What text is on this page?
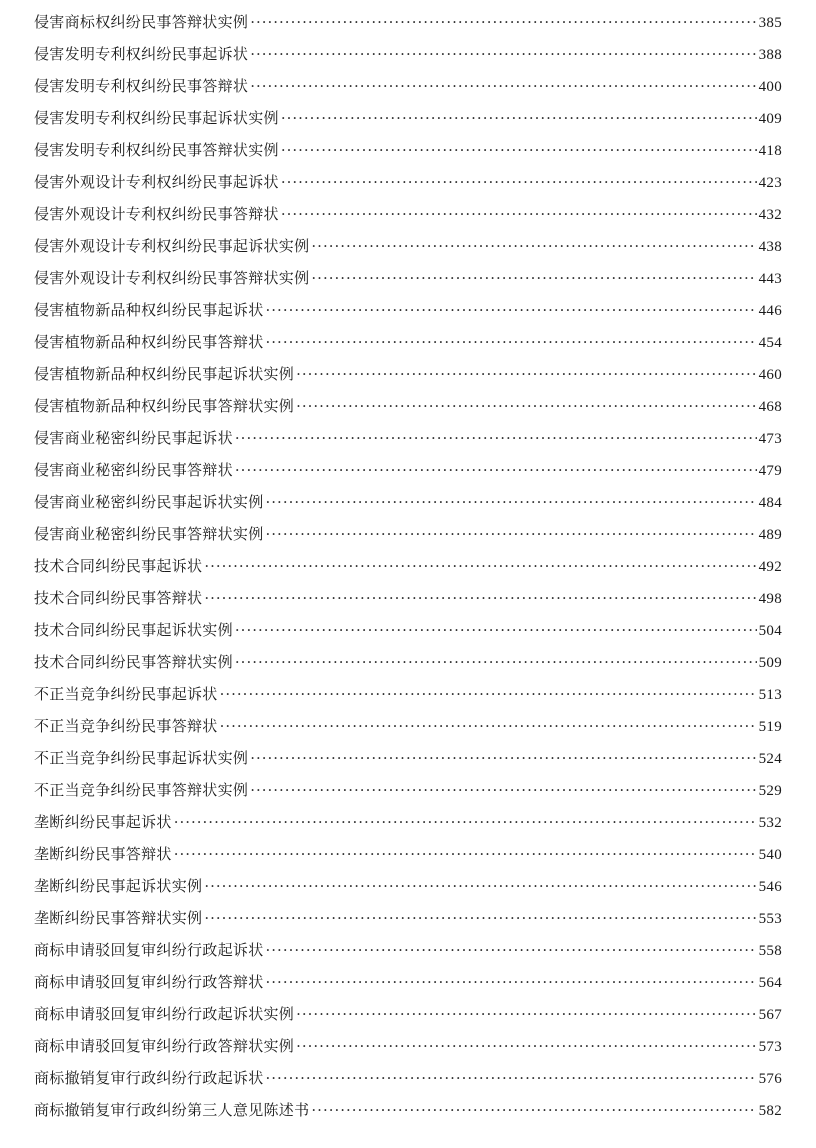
侵害商标权纠纷民事答辩状实例 ·····	385
侵害发明专利权纠纷民事起诉状 ·····	388
侵害发明专利权纠纷民事答辩状 ·····	400
侵害发明专利权纠纷民事起诉状实例 ·····	409
侵害发明专利权纠纷民事答辩状实例 ·····	418
侵害外观设计专利权纠纷民事起诉状 ·····	423
侵害外观设计专利权纠纷民事答辩状 ·····	432
侵害外观设计专利权纠纷民事起诉状实例 ·····	438
侵害外观设计专利权纠纷民事答辩状实例 ·····	443
侵害植物新品种权纠纷民事起诉状 ·····	446
侵害植物新品种权纠纷民事答辩状 ·····	454
侵害植物新品种权纠纷民事起诉状实例 ·····	460
侵害植物新品种权纠纷民事答辩状实例 ·····	468
侵害商业秘密纠纷民事起诉状 ·····	473
侵害商业秘密纠纷民事答辩状 ·····	479
侵害商业秘密纠纷民事起诉状实例 ·····	484
侵害商业秘密纠纷民事答辩状实例 ·····	489
技术合同纠纷民事起诉状 ·····	492
技术合同纠纷民事答辩状 ·····	498
技术合同纠纷民事起诉状实例 ·····	504
技术合同纠纷民事答辩状实例 ·····	509
不正当竞争纠纷民事起诉状 ·····	513
不正当竞争纠纷民事答辩状 ·····	519
不正当竞争纠纷民事起诉状实例 ·····	524
不正当竞争纠纷民事答辩状实例 ·····	529
垄断纠纷民事起诉状 ·····	532
垄断纠纷民事答辩状 ·····	540
垄断纠纷民事起诉状实例 ·····	546
垄断纠纷民事答辩状实例 ·····	553
商标申请驳回复审纠纷行政起诉状 ·····	558
商标申请驳回复审纠纷行政答辩状 ·····	564
商标申请驳回复审纠纷行政起诉状实例 ·····	567
商标申请驳回复审纠纷行政答辩状实例 ·····	573
商标撤销复审行政纠纷行政起诉状 ·····	576
商标撤销复审行政纠纷第三人意见陈述书 ·····	582
